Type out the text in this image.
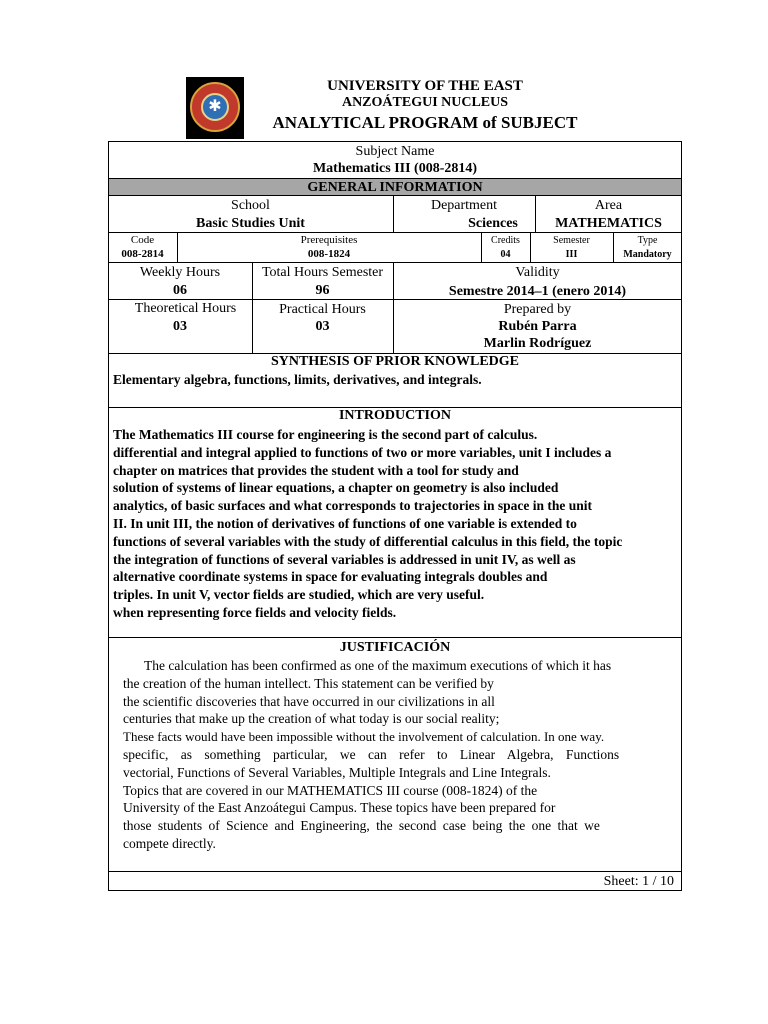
✱
UNIVERSITY OF THE EAST
ANZOÁTEGUI NUCLEUS
ANALYTICAL PROGRAM of SUBJECT
Subject Name
Mathematics III (008-2814)
GENERAL INFORMATION
School
Basic Studies Unit
Department
Sciences
Area
MATHEMATICS
Code
008-2814
Prerequisites
008-1824
Credits
04
Semester
III
Type
Mandatory
Weekly Hours
06
Total Hours Semester
96
Validity
Semestre 2014–1 (enero 2014)
Theoretical Hours
03
Practical Hours
03
Prepared by
Rubén Parra
Marlin Rodríguez
SYNTHESIS OF PRIOR KNOWLEDGE
Elementary algebra, functions, limits, derivatives, and integrals.
INTRODUCTION
The Mathematics III course for engineering is the second part of calculus.
differential and integral applied to functions of two or more variables, unit I includes a
chapter on matrices that provides the student with a tool for study and
solution of systems of linear equations, a chapter on geometry is also included
analytics, of basic surfaces and what corresponds to trajectories in space in the unit
II. In unit III, the notion of derivatives of functions of one variable is extended to
functions of several variables with the study of differential calculus in this field, the topic
the integration of functions of several variables is addressed in unit IV, as well as
alternative coordinate systems in space for evaluating integrals doubles and
triples. In unit V, vector fields are studied, which are very useful.
when representing force fields and velocity fields.
JUSTIFICACIÓN
The calculation has been confirmed as one of the maximum executions of which it has
the creation of the human intellect. This statement can be verified by
the scientific discoveries that have occurred in our civilizations in all
centuries that make up the creation of what today is our social reality;
These facts would have been impossible without the involvement of calculation. In one way.
specific, as something particular, we can refer to Linear Algebra, Functions
vectorial, Functions of Several Variables, Multiple Integrals and Line Integrals.
Topics that are covered in our MATHEMATICS III course (008-1824) of the
University of the East Anzoátegui Campus. These topics have been prepared for
those students of Science and Engineering, the second case being the one that we
compete directly.
Sheet: 1 / 10
